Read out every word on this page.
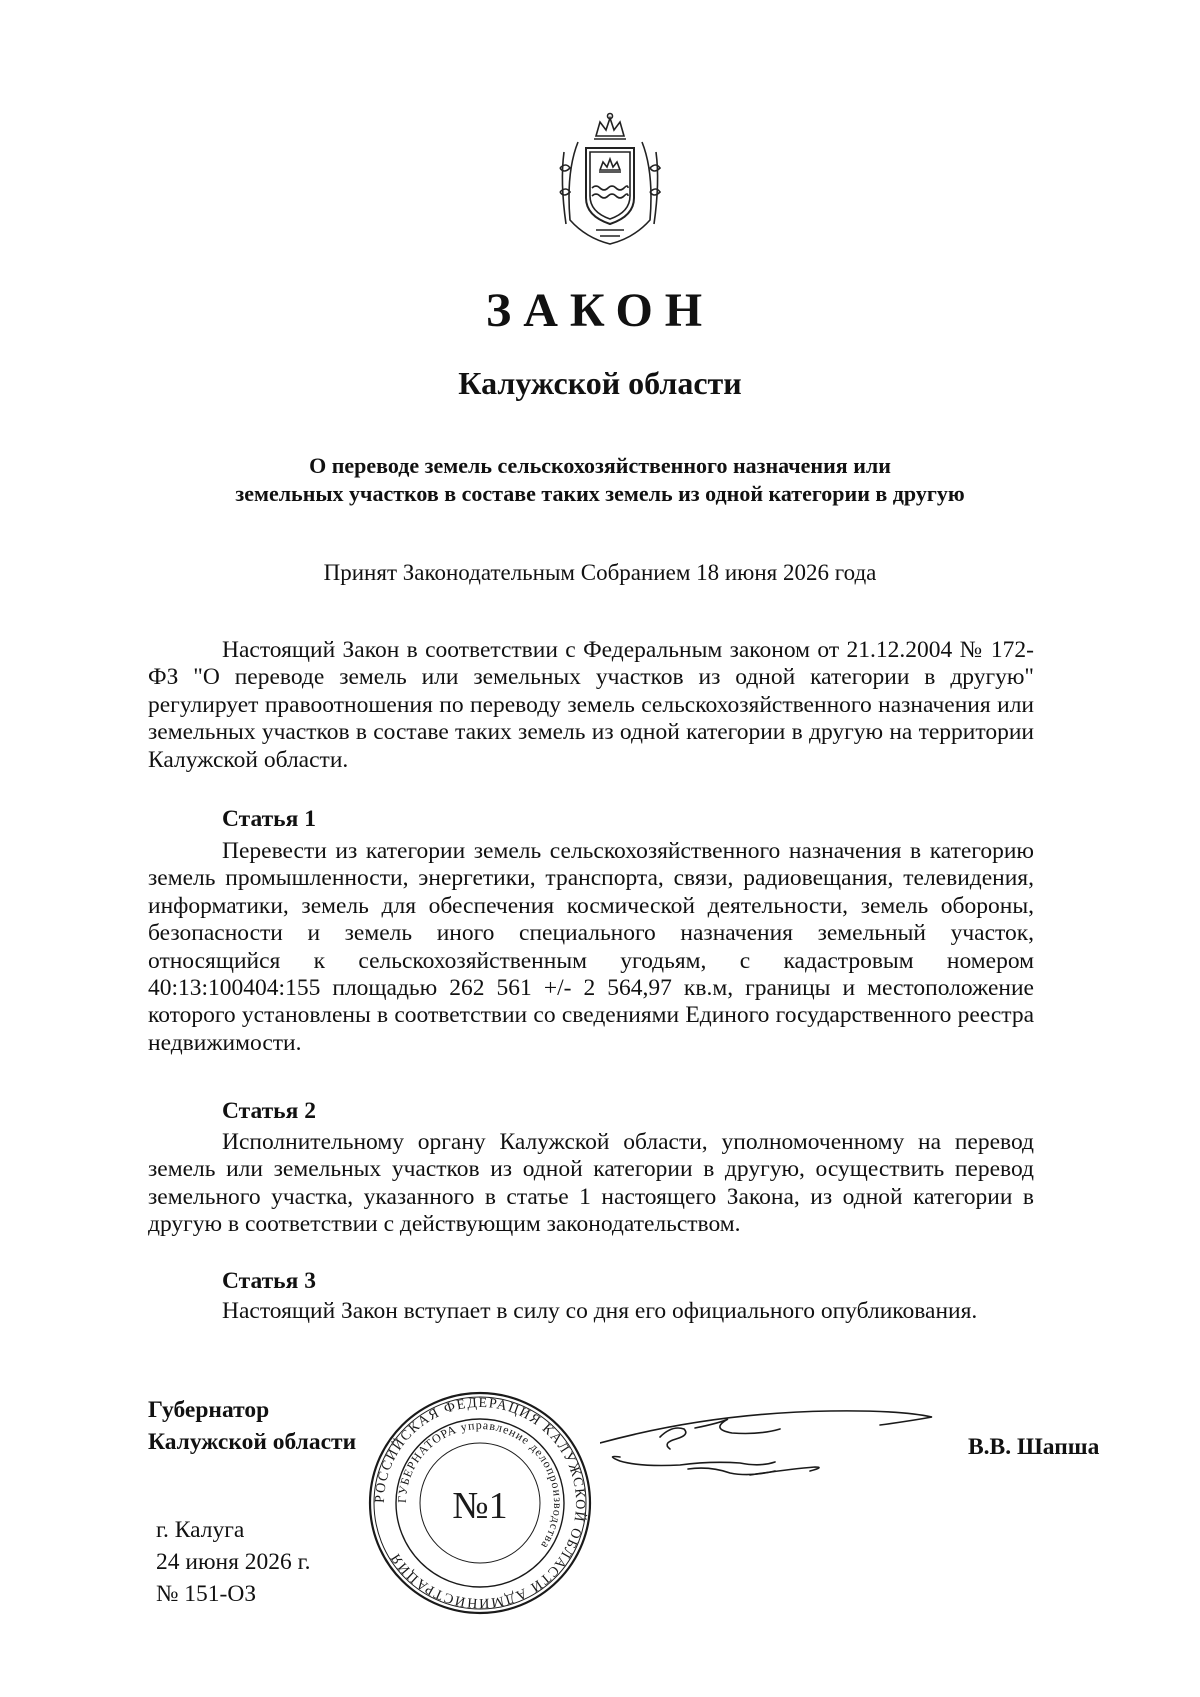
ЗАКОН
Калужской области
О переводе земель сельскохозяйственного назначения или
земельных участков в составе таких земель из одной категории в другую
Принят Законодательным Собранием 18 июня 2026 года
Настоящий Закон в соответствии с Федеральным законом от 21.12.2004 № 172-ФЗ "О переводе земель или земельных участков из одной категории в другую" регулирует правоотношения по переводу земель сельскохозяйственного назначения или земельных участков в составе таких земель из одной категории в другую на территории Калужской области.
Статья 1
Перевести из категории земель сельскохозяйственного назначения в категорию земель промышленности, энергетики, транспорта, связи, радиовещания, телевидения, информатики, земель для обеспечения космической деятельности, земель обороны, безопасности и земель иного специального назначения земельный участок, относящийся к сельскохозяйственным угодьям, с кадастровым номером 40:13:100404:155 площадью 262 561 +/- 2 564,97 кв.м, границы и местоположение которого установлены в соответствии со сведениями Единого государственного реестра недвижимости.
Статья 2
Исполнительному органу Калужской области, уполномоченному на перевод земель или земельных участков из одной категории в другую, осуществить перевод земельного участка, указанного в статье 1 настоящего Закона, из одной категории в другую в соответствии с действующим законодательством.
Статья 3
Настоящий Закон вступает в силу со дня его официального опубликования.
Губернатор
Калужской области	В.В. Шапша
г. Калуга
24 июня 2026 г.
№ 151-ОЗ
РОССИЙСКАЯ ФЕДЕРАЦИЯ КАЛУЖСКОЙ ОБЛАСТИ АДМИНИСТРАЦИЯ
ГУБЕРНАТОРА управление делопроизводства
№1
